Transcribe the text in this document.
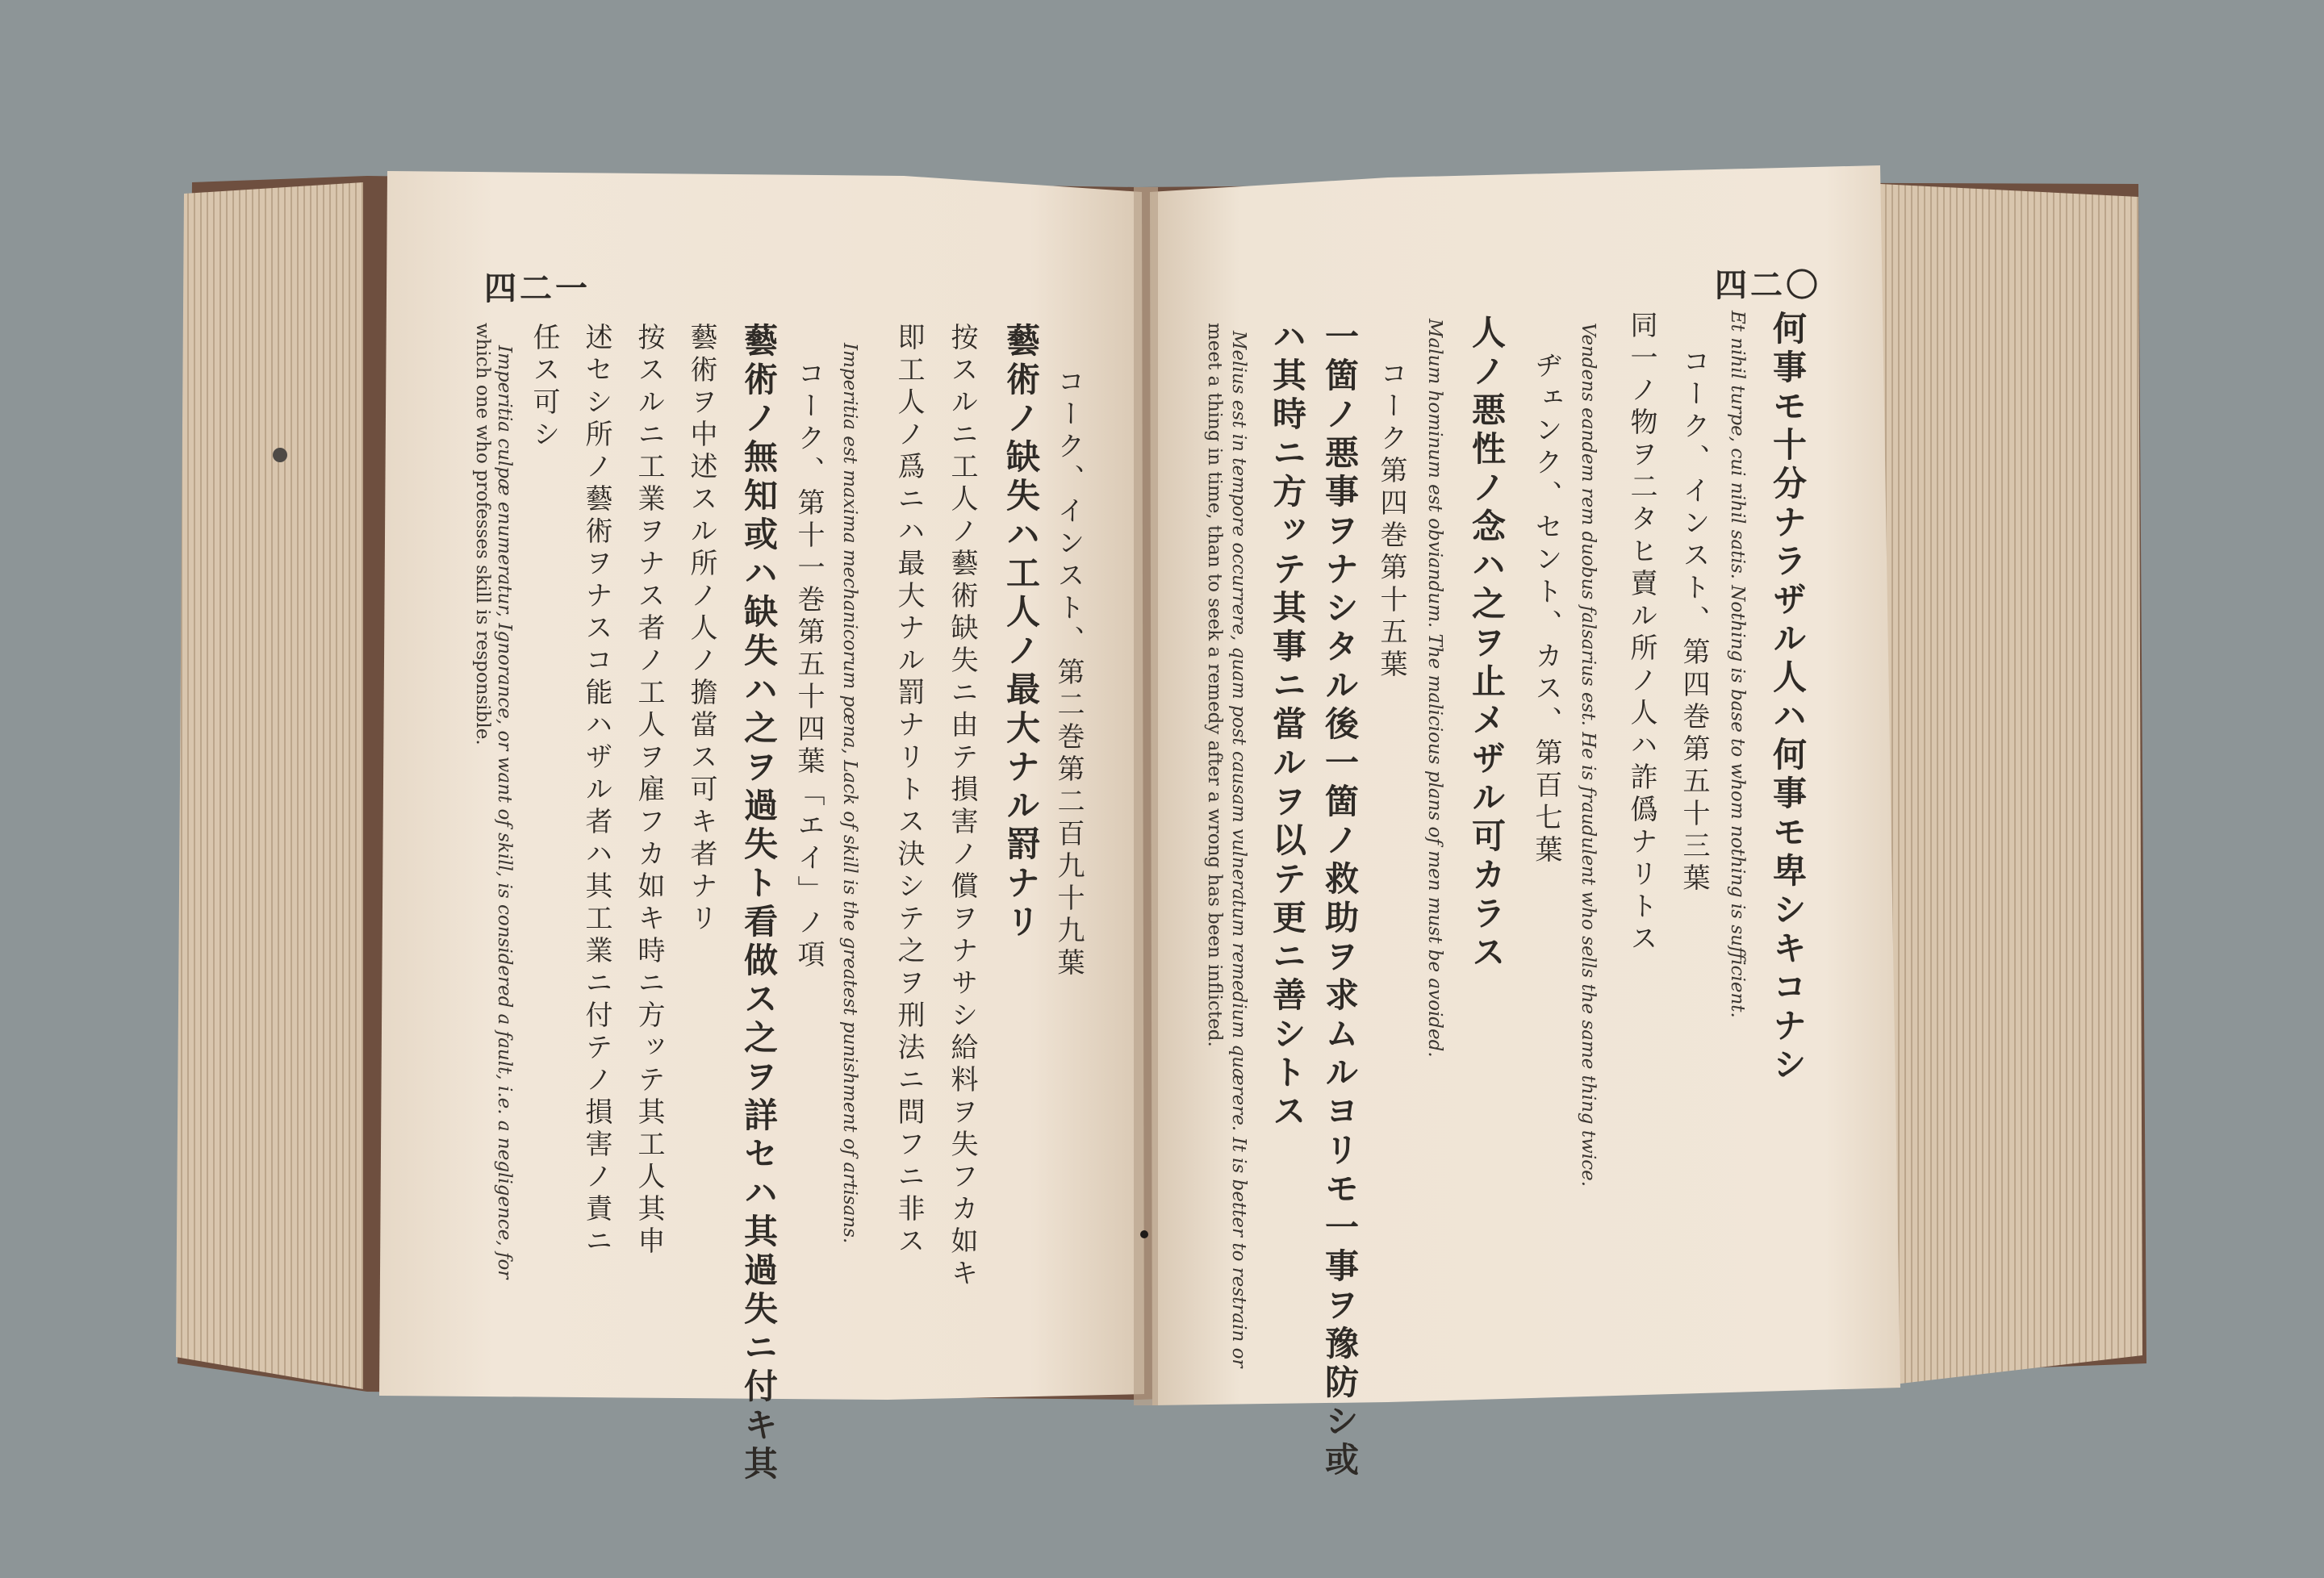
四二一	四二〇
コーク、インスト、第二巻第二百九十九葉
藝術ノ缺失ハ工人ノ最大ナル罸ナリ
按スルニ工人ノ藝術缺失ニ由テ損害ノ償ヲナサシ給料ヲ失フカ如キ
即工人ノ爲ニハ最大ナル罰ナリトス決シテ之ヲ刑法ニ問フニ非ス
Imperitia est maxima mechanicorum pœna, Lack of skill is the greatest punishment of artisans.
コーク、第十一巻第五十四葉「エイ」ノ項
藝術ノ無知或ハ缺失ハ之ヲ過失ト看做ス之ヲ詳セハ其過失ニ付キ其
藝術ヲ中述スル所ノ人ノ擔當ス可キ者ナリ
按スルニ工業ヲナス者ノ工人ヲ雇フカ如キ時ニ方ッテ其工人其申
述セシ所ノ藝術ヲナスコ能ハザル者ハ其工業ニ付テノ損害ノ責ニ
任ス可シ
Imperitia culpæ enumeratur, Ignorance, or want of skill, is considered a fault, i.e. a negligence, for
which one who professes skill is responsible.	何事モ十分ナラザル人ハ何事モ卑シキコナシ
Et nihil turpe, cui nihil satis. Nothing is base to whom nothing is sufficient.
コーク、インスト、第四巻第五十三葉
同一ノ物ヲ二タヒ賣ル所ノ人ハ詐僞ナリトス
Vendens eandem rem duobus falsarius est. He is fraudulent who sells the same thing twice.
ヂェンク、セント、カス、第百七葉
人ノ悪性ノ念ハ之ヲ止メザル可カラス
Malum hominum est obviandum. The malicious plans of men must be avoided.
コーク第四巻第十五葉
一箇ノ悪事ヲナシタル後一箇ノ救助ヲ求ムルヨリモ一事ヲ豫防シ或
ハ其時ニ方ッテ其事ニ當ルヲ以テ更ニ善シトス
Melius est in tempore occurrere, quam post causam vulneratum remedium quærere. It is better to restrain or
meet a thing in time, than to seek a remedy after a wrong has been inflicted.
